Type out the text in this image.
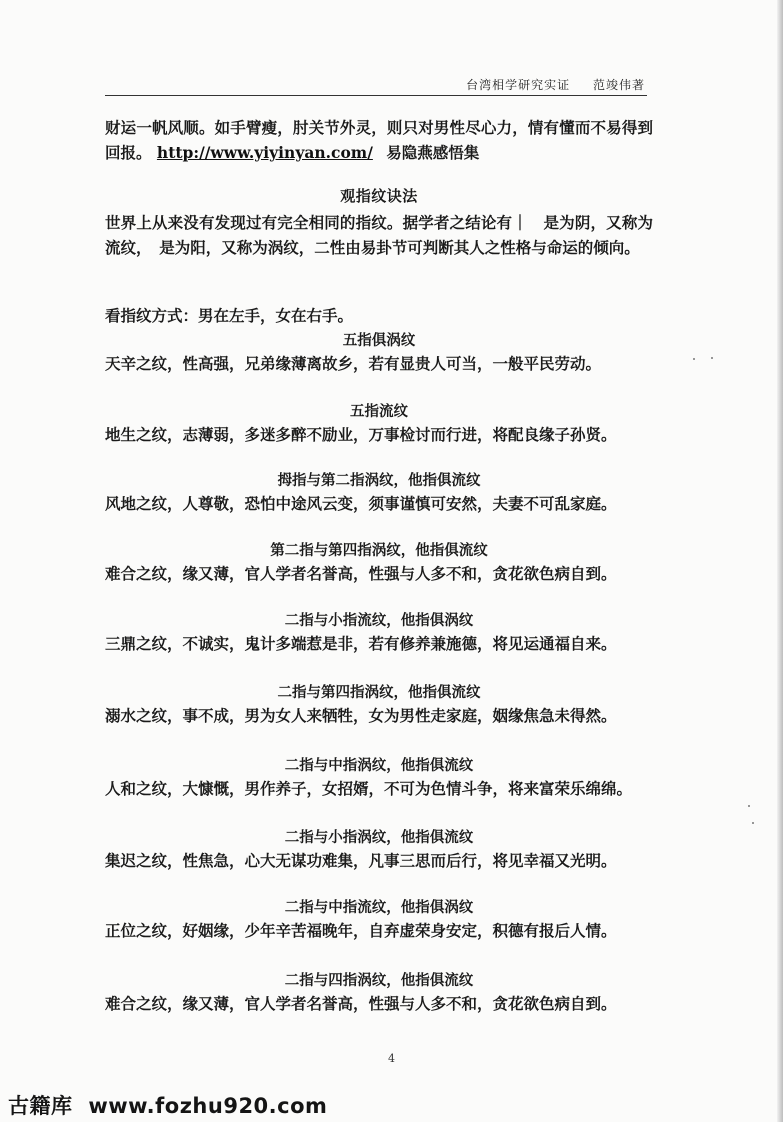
台湾相学研究实证 范竣伟著
财运一帆风顺。如手臂瘦，肘关节外灵，则只对男性尽心力，情有懂而不易得到回报。 http://www.yiyinyan.com/ 易隐燕感悟集
观指纹诀法
世界上从来没有发现过有完全相同的指纹。据学者之结论有｜　是为阴，又称为流纹，　是为阳，又称为涡纹，二性由易卦节可判断其人之性格与命运的倾向。
看指纹方式：男在左手，女在右手。
五指俱涡纹
天辛之纹，性高强，兄弟缘薄离故乡，若有显贵人可当，一般平民劳动。
五指流纹
地生之纹，志薄弱，多迷多醉不励业，万事检讨而行进，将配良缘子孙贤。
拇指与第二指涡纹，他指俱流纹
风地之纹，人尊敬，恐怕中途风云变，须事谨慎可安然，夫妻不可乱家庭。
第二指与第四指涡纹，他指俱流纹
难合之纹，缘又薄，官人学者名誉高，性强与人多不和，贪花欲色病自到。
二指与小指流纹，他指俱涡纹
三鼎之纹，不诚实，鬼计多端惹是非，若有修养兼施德，将见运通福自来。
二指与第四指涡纹，他指俱流纹
溺水之纹，事不成，男为女人来牺牲，女为男性走家庭，姻缘焦急未得然。
二指与中指涡纹，他指俱流纹
人和之纹，大慷慨，男作养子，女招婿，不可为色情斗争，将来富荣乐绵绵。
二指与小指涡纹，他指俱流纹
集迟之纹，性焦急，心大无谋功难集，凡事三思而后行，将见幸福又光明。
二指与中指流纹，他指俱涡纹
正位之纹，好姻缘，少年辛苦福晚年，自弃虚荣身安定，积德有报后人情。
二指与四指涡纹，他指俱流纹
难合之纹，缘又薄，官人学者名誉高，性强与人多不和，贪花欲色病自到。
4
古籍库 www.fozhu920.com
